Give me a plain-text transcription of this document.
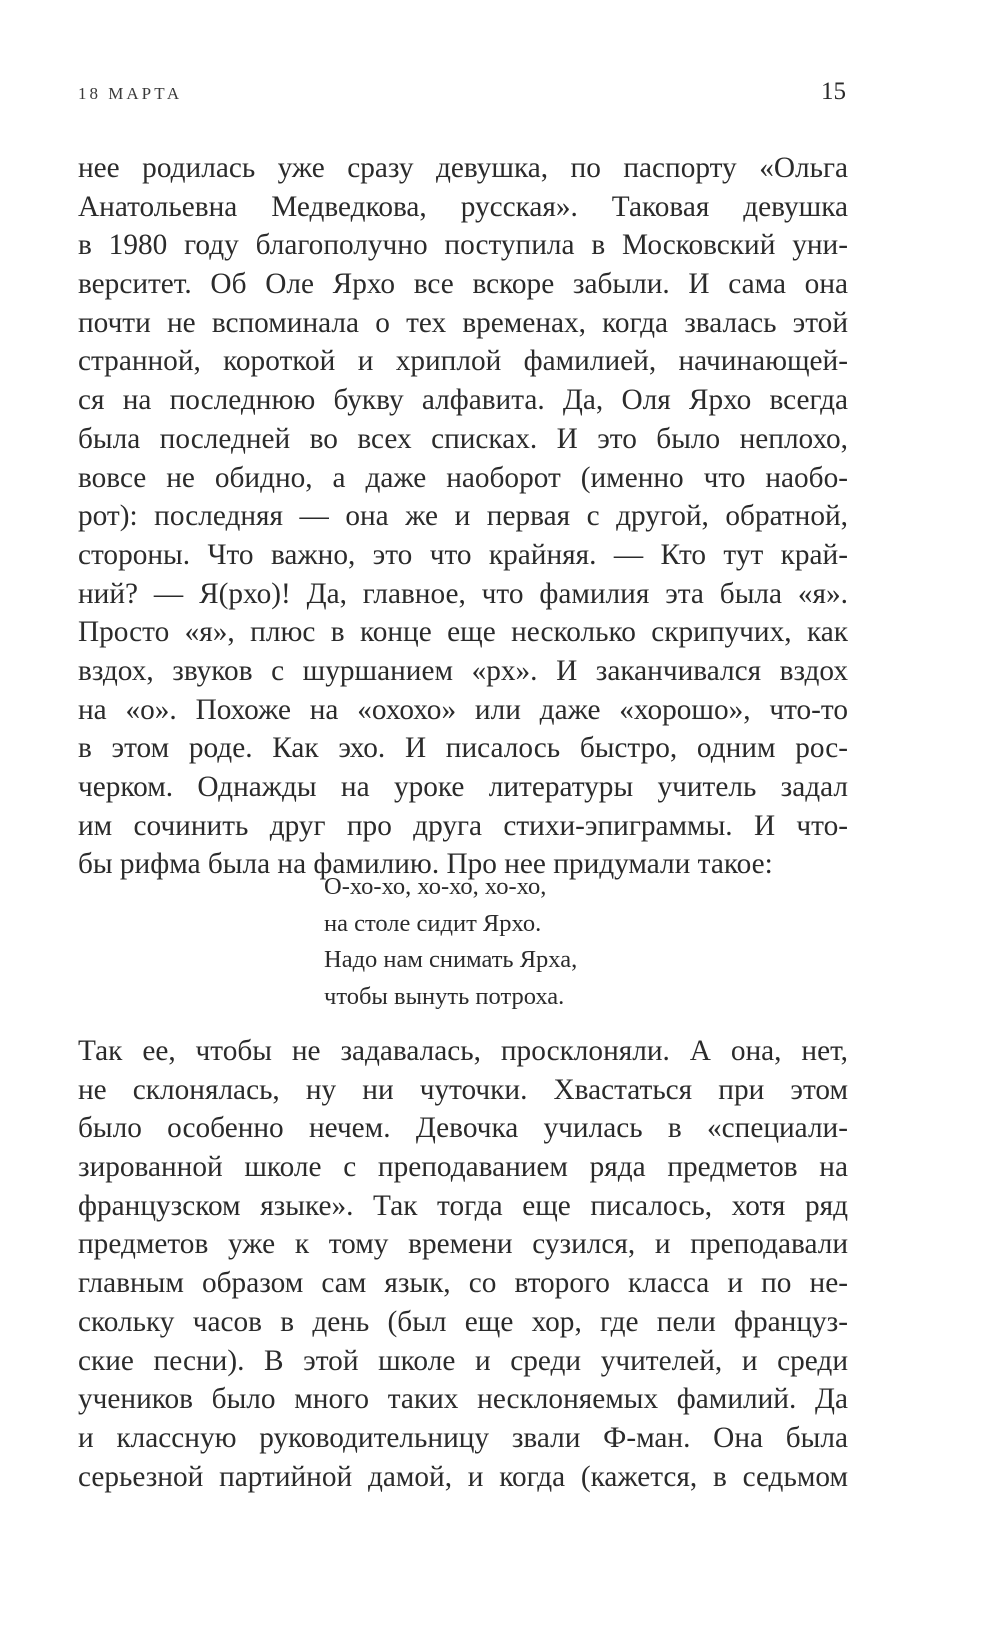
18 МАРТА	15
нее родилась уже сразу девушка, по паспорту «Ольга
Анатольевна Медведкова, русская». Таковая девушка
в 1980 году благополучно поступила в Московский уни-
верситет. Об Оле Ярхо все вскоре забыли. И сама она
почти не вспоминала о тех временах, когда звалась этой
странной, короткой и хриплой фамилией, начинающей-
ся на последнюю букву алфавита. Да, Оля Ярхо всегда
была последней во всех списках. И это было неплохо,
вовсе не обидно, а даже наоборот (именно что наобо-
рот): последняя — она же и первая с другой, обратной,
стороны. Что важно, это что крайняя. — Кто тут край-
ний? — Я(рхо)! Да, главное, что фамилия эта была «я».
Просто «я», плюс в конце еще несколько скрипучих, как
вздох, звуков с шуршанием «рх». И заканчивался вздох
на «о». Похоже на «охохо» или даже «хорошо», что-то
в этом роде. Как эхо. И писалось быстро, одним рос-
черком. Однажды на уроке литературы учитель задал
им сочинить друг про друга стихи-эпиграммы. И что-
бы рифма была на фамилию. Про нее придумали такое:
О-хо-хо, хо-хо, хо-хо,
на столе сидит Ярхо.
Надо нам снимать Ярха,
чтобы вынуть потроха.
Так ее, чтобы не задавалась, просклоняли. А она, нет,
не склонялась, ну ни чуточки. Хвастаться при этом
было особенно нечем. Девочка училась в «специали-
зированной школе с преподаванием ряда предметов на
французском языке». Так тогда еще писалось, хотя ряд
предметов уже к тому времени сузился, и преподавали
главным образом сам язык, со второго класса и по не-
скольку часов в день (был еще хор, где пели француз-
ские песни). В этой школе и среди учителей, и среди
учеников было много таких несклоняемых фамилий. Да
и классную руководительницу звали Ф-ман. Она была
серьезной партийной дамой, и когда (кажется, в седьмом
